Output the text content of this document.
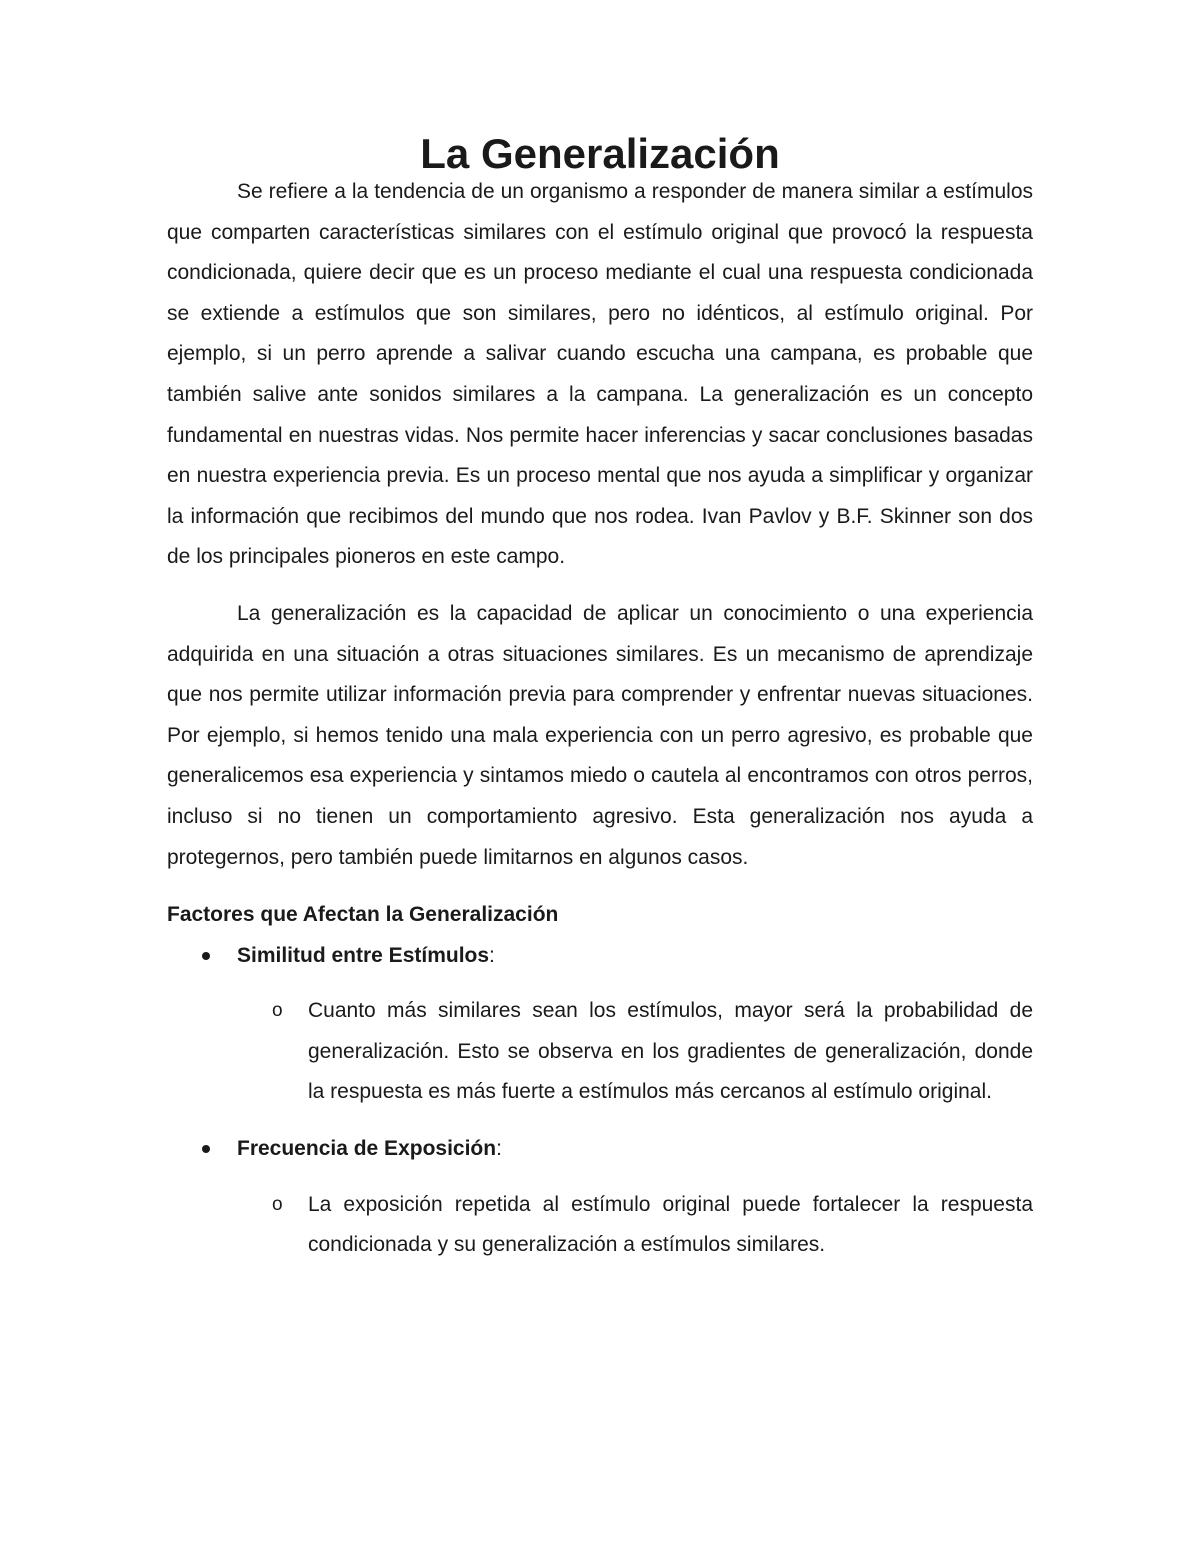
La Generalización

Se refiere a la tendencia de un organismo a responder de manera similar a estímulos que comparten características similares con el estímulo original que provocó la respuesta condicionada, quiere decir que es un proceso mediante el cual una respuesta condicionada se extiende a estímulos que son similares, pero no idénticos, al estímulo original. Por ejemplo, si un perro aprende a salivar cuando escucha una campana, es probable que también salive ante sonidos similares a la campana. La generalización es un concepto fundamental en nuestras vidas. Nos permite hacer inferencias y sacar conclusiones basadas en nuestra experiencia previa. Es un proceso mental que nos ayuda a simplificar y organizar la información que recibimos del mundo que nos rodea. Ivan Pavlov y B.F. Skinner son dos de los principales pioneros en este campo.

La generalización es la capacidad de aplicar un conocimiento o una experiencia adquirida en una situación a otras situaciones similares. Es un mecanismo de aprendizaje que nos permite utilizar información previa para comprender y enfrentar nuevas situaciones. Por ejemplo, si hemos tenido una mala experiencia con un perro agresivo, es probable que generalicemos esa experiencia y sintamos miedo o cautela al encontramos con otros perros, incluso si no tienen un comportamiento agresivo. Esta generalización nos ayuda a protegernos, pero también puede limitarnos en algunos casos.

Factores que Afectan la Generalización
Similitud entre Estímulos:
o Cuanto más similares sean los estímulos, mayor será la probabilidad de generalización. Esto se observa en los gradientes de generalización, donde la respuesta es más fuerte a estímulos más cercanos al estímulo original.
Frecuencia de Exposición:
o La exposición repetida al estímulo original puede fortalecer la respuesta condicionada y su generalización a estímulos similares.
